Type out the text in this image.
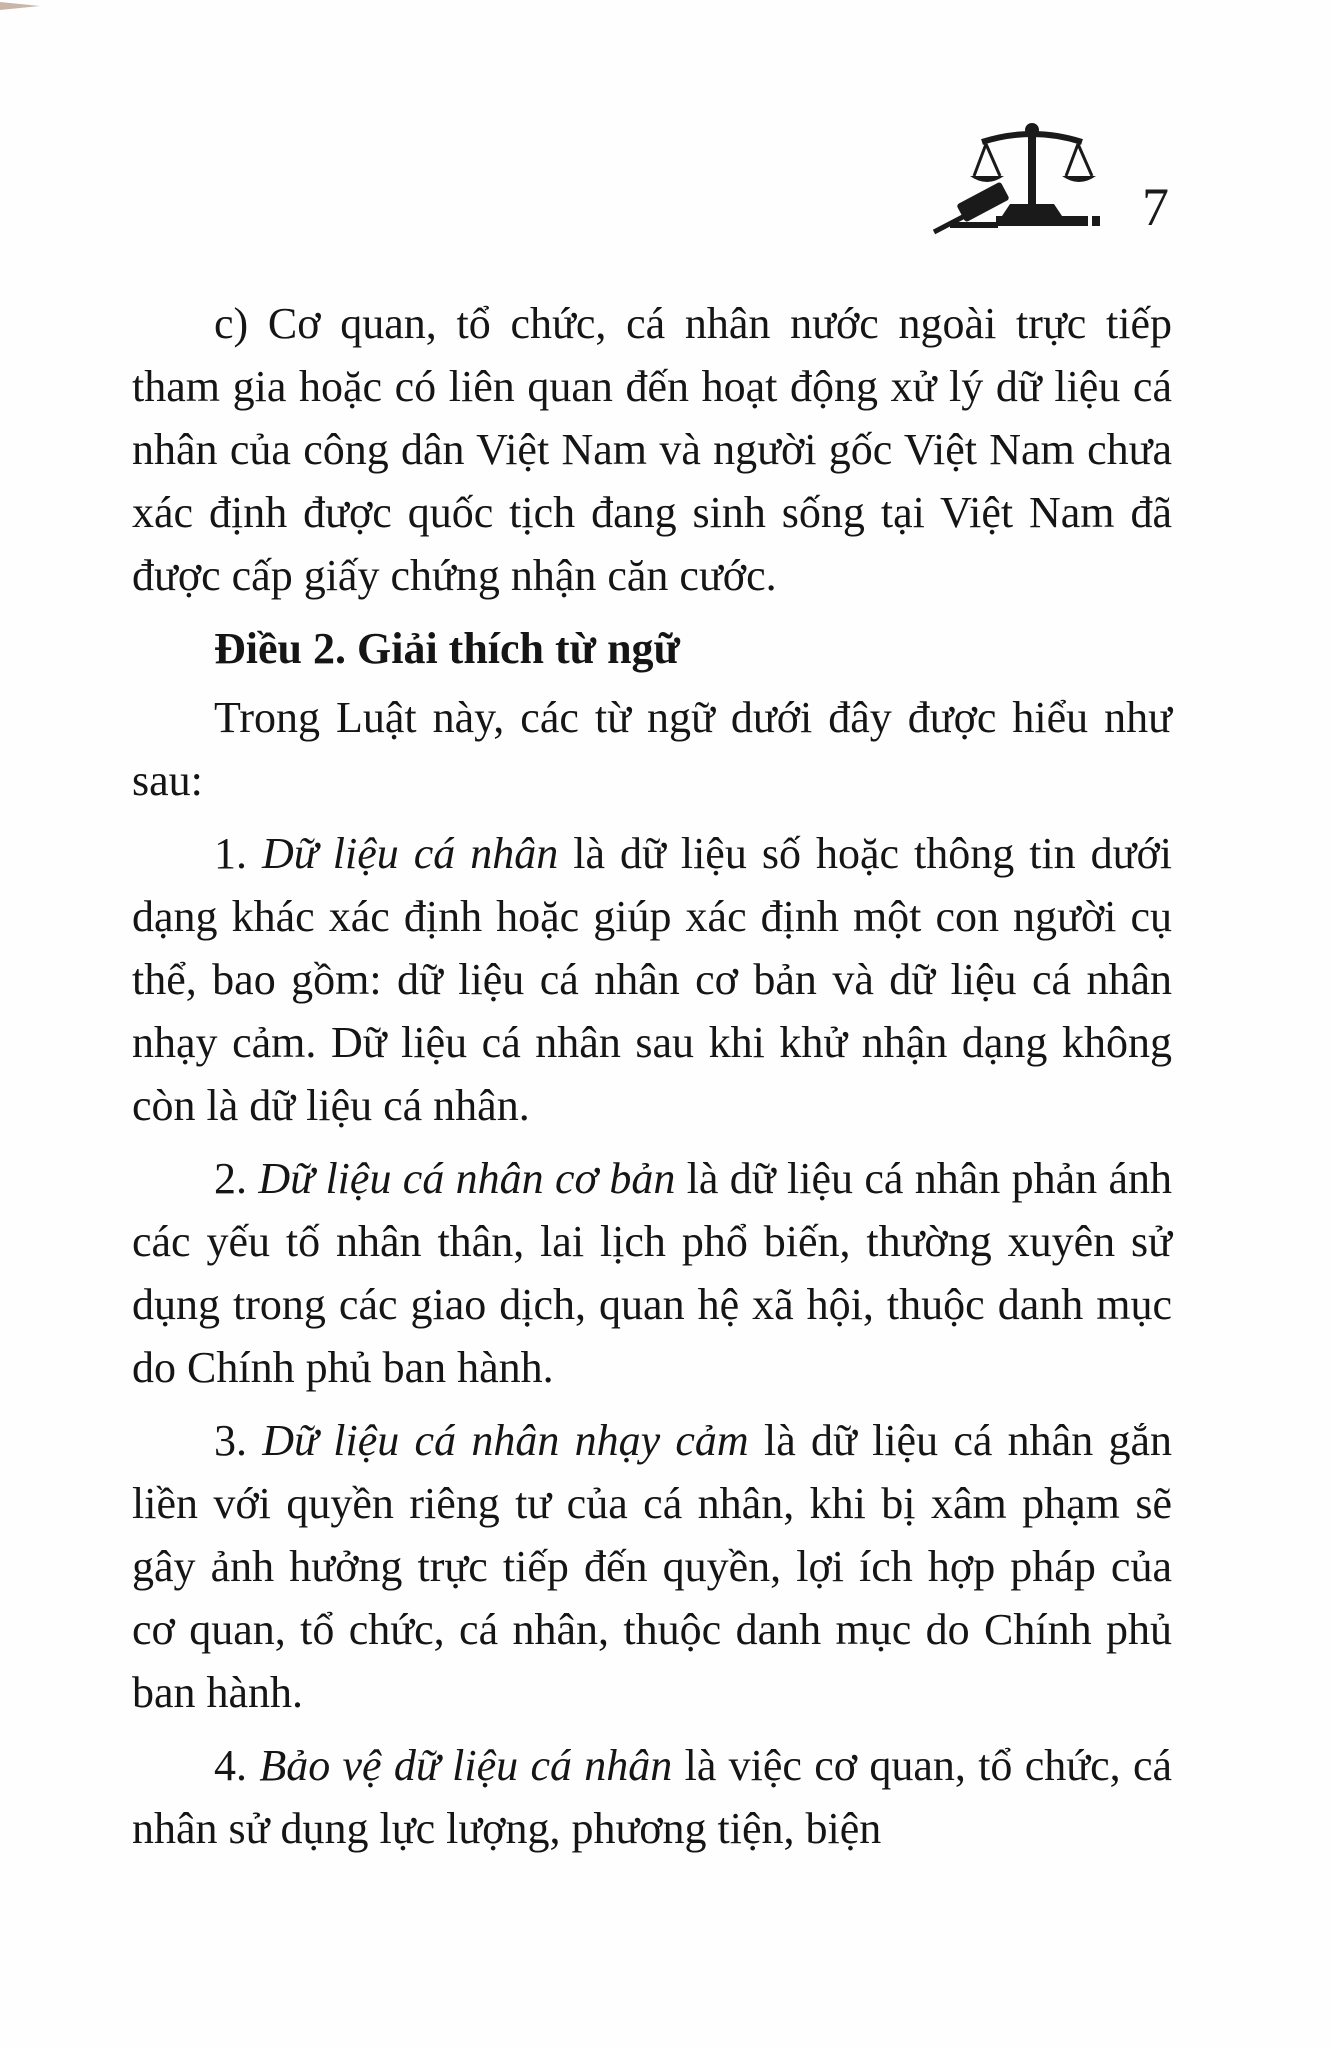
7

c) Cơ quan, tổ chức, cá nhân nước ngoài trực tiếp tham gia hoặc có liên quan đến hoạt động xử lý dữ liệu cá nhân của công dân Việt Nam và người gốc Việt Nam chưa xác định được quốc tịch đang sinh sống tại Việt Nam đã được cấp giấy chứng nhận căn cước.

Điều 2. Giải thích từ ngữ

Trong Luật này, các từ ngữ dưới đây được hiểu như sau:

1. Dữ liệu cá nhân là dữ liệu số hoặc thông tin dưới dạng khác xác định hoặc giúp xác định một con người cụ thể, bao gồm: dữ liệu cá nhân cơ bản và dữ liệu cá nhân nhạy cảm. Dữ liệu cá nhân sau khi khử nhận dạng không còn là dữ liệu cá nhân.

2. Dữ liệu cá nhân cơ bản là dữ liệu cá nhân phản ánh các yếu tố nhân thân, lai lịch phổ biến, thường xuyên sử dụng trong các giao dịch, quan hệ xã hội, thuộc danh mục do Chính phủ ban hành.

3. Dữ liệu cá nhân nhạy cảm là dữ liệu cá nhân gắn liền với quyền riêng tư của cá nhân, khi bị xâm phạm sẽ gây ảnh hưởng trực tiếp đến quyền, lợi ích hợp pháp của cơ quan, tổ chức, cá nhân, thuộc danh mục do Chính phủ ban hành.

4. Bảo vệ dữ liệu cá nhân là việc cơ quan, tổ chức, cá nhân sử dụng lực lượng, phương tiện, biện
